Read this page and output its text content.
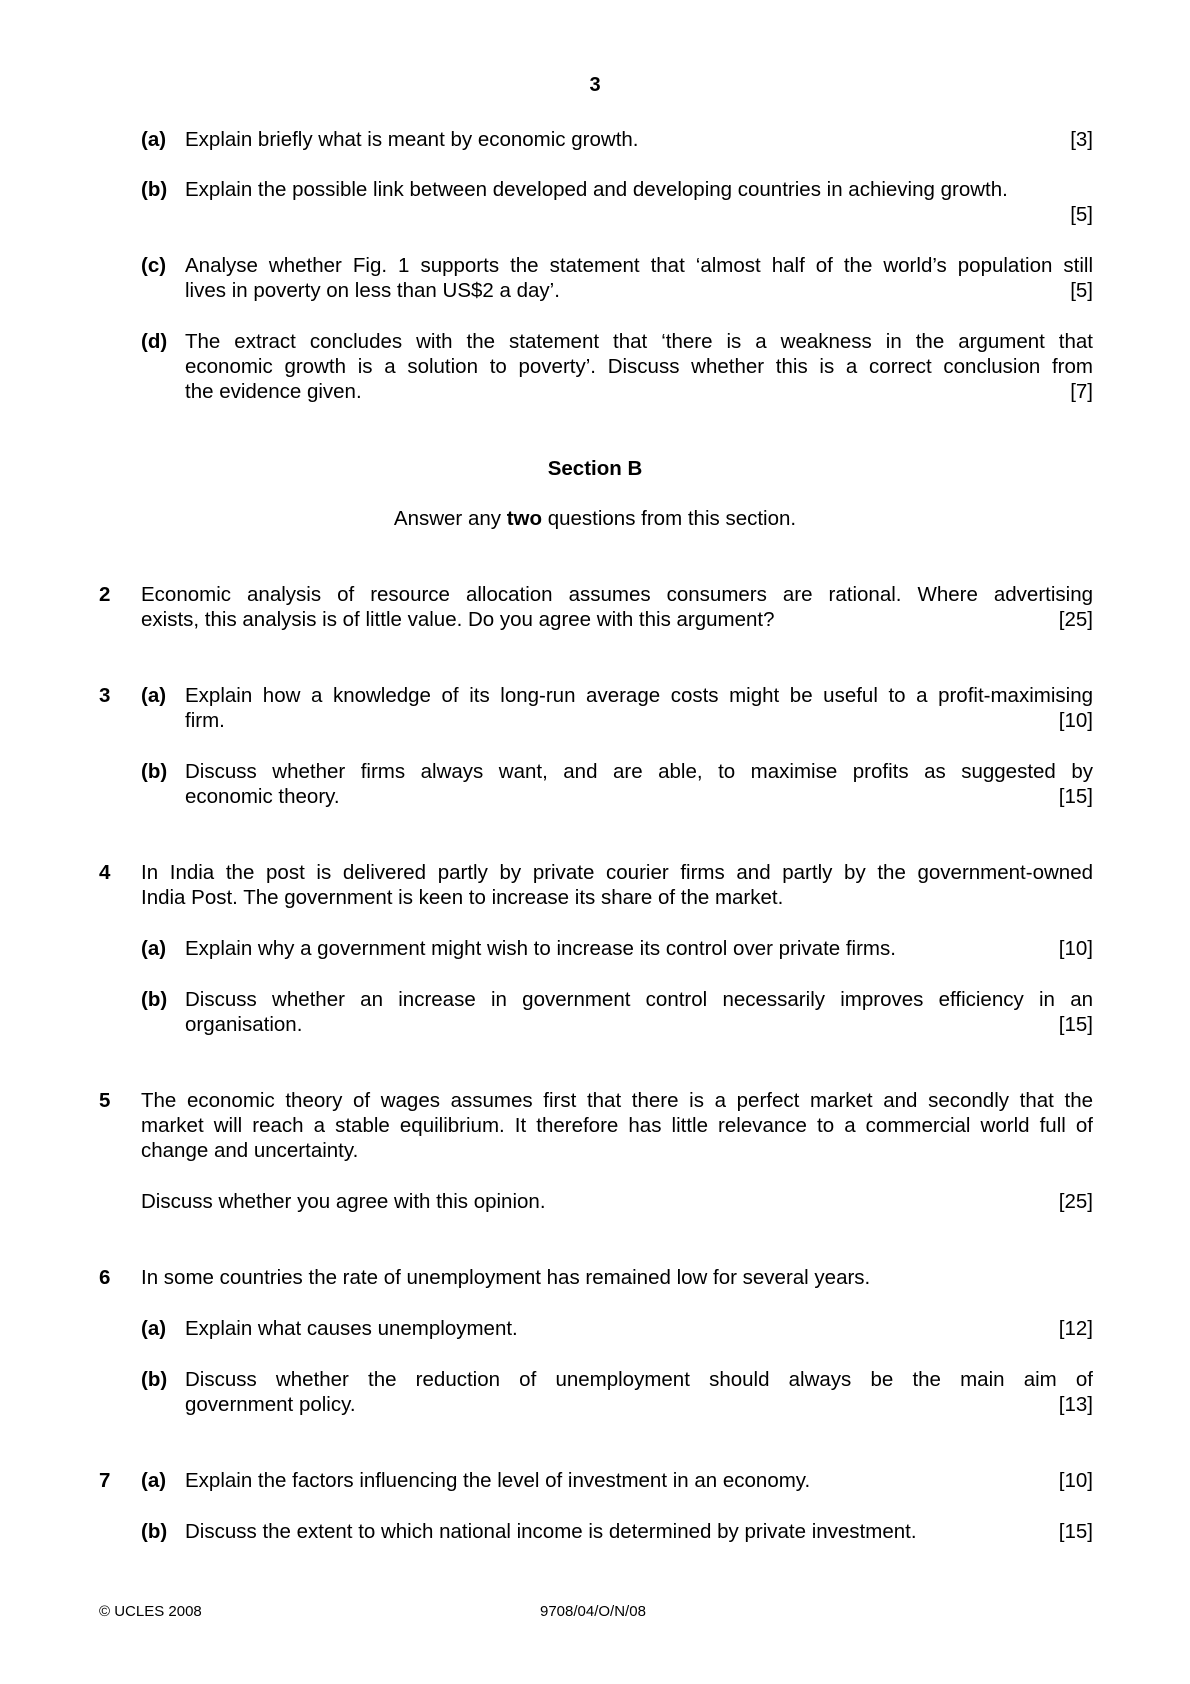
3
(a) Explain briefly what is meant by economic growth.	[3]
(b) Explain the possible link between developed and developing countries in achieving growth.
[5]
(c) Analyse whether Fig. 1 supports the statement that ‘almost half of the world’s population still
lives in poverty on less than US$2 a day’.	[5]
(d) The extract concludes with the statement that ‘there is a weakness in the argument that
economic growth is a solution to poverty’. Discuss whether this is a correct conclusion from
the evidence given.	[7]
Section B
Answer any two questions from this section.
2 Economic analysis of resource allocation assumes consumers are rational. Where advertising
exists, this analysis is of little value. Do you agree with this argument?	[25]
3 (a) Explain how a knowledge of its long-run average costs might be useful to a profit-maximising
firm.	[10]
(b) Discuss whether firms always want, and are able, to maximise profits as suggested by
economic theory.	[15]
4 In India the post is delivered partly by private courier firms and partly by the government-owned
India Post. The government is keen to increase its share of the market.
(a) Explain why a government might wish to increase its control over private firms.	[10]
(b) Discuss whether an increase in government control necessarily improves efficiency in an
organisation.	[15]
5 The economic theory of wages assumes first that there is a perfect market and secondly that the
market will reach a stable equilibrium. It therefore has little relevance to a commercial world full of
change and uncertainty.
Discuss whether you agree with this opinion.	[25]
6 In some countries the rate of unemployment has remained low for several years.
(a) Explain what causes unemployment.	[12]
(b) Discuss whether the reduction of unemployment should always be the main aim of
government policy.	[13]
7 (a) Explain the factors influencing the level of investment in an economy.	[10]
(b) Discuss the extent to which national income is determined by private investment.	[15]
© UCLES 2008	9708/04/O/N/08
